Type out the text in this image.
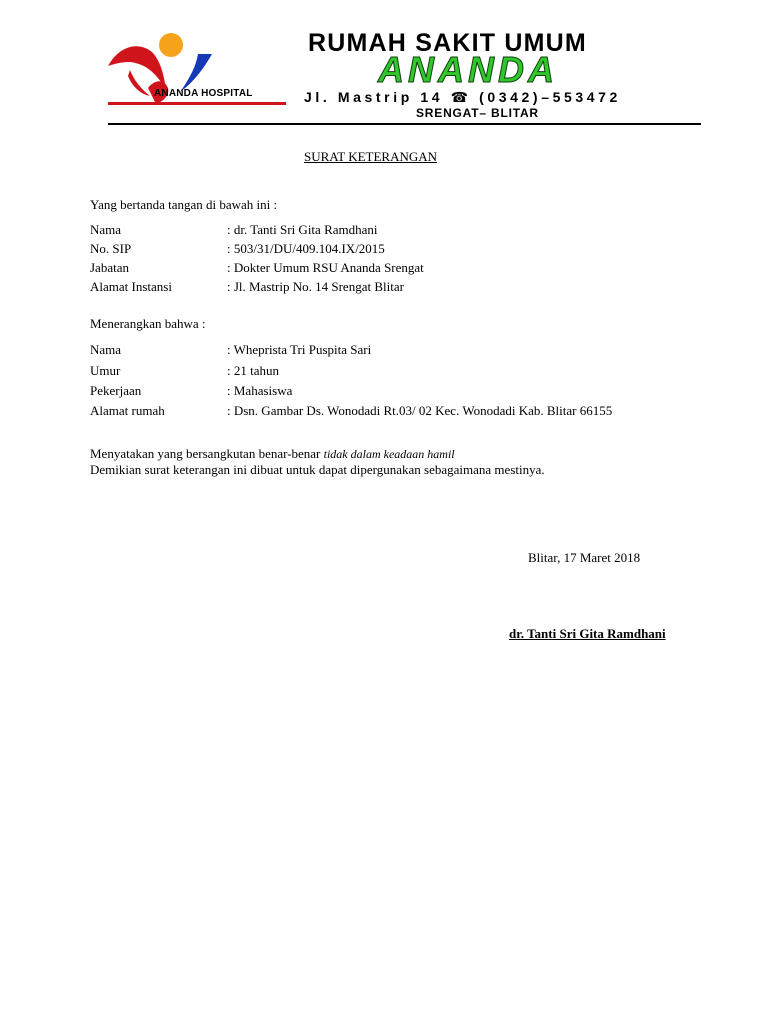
ANANDA HOSPITAL
RUMAH SAKIT UMUM
ANANDA
Jl. Mastrip 14 ☎ (0342)–553472
SRENGAT– BLITAR
SURAT KETERANGAN
Yang bertanda tangan di bawah ini :
Nama	: dr. Tanti Sri Gita Ramdhani
No. SIP	: 503/31/DU/409.104.IX/2015
Jabatan	: Dokter Umum RSU Ananda Srengat
Alamat Instansi	: Jl. Mastrip No. 14 Srengat Blitar
Menerangkan bahwa :
Nama	: Wheprista Tri Puspita Sari
Umur	: 21 tahun
Pekerjaan	: Mahasiswa
Alamat rumah	: Dsn. Gambar Ds. Wonodadi Rt.03/ 02 Kec. Wonodadi Kab. Blitar 66155
Menyatakan yang bersangkutan benar-benar tidak dalam keadaan hamil
Demikian surat keterangan ini dibuat untuk dapat dipergunakan sebagaimana mestinya.
Blitar, 17 Maret 2018
dr. Tanti Sri Gita Ramdhani
